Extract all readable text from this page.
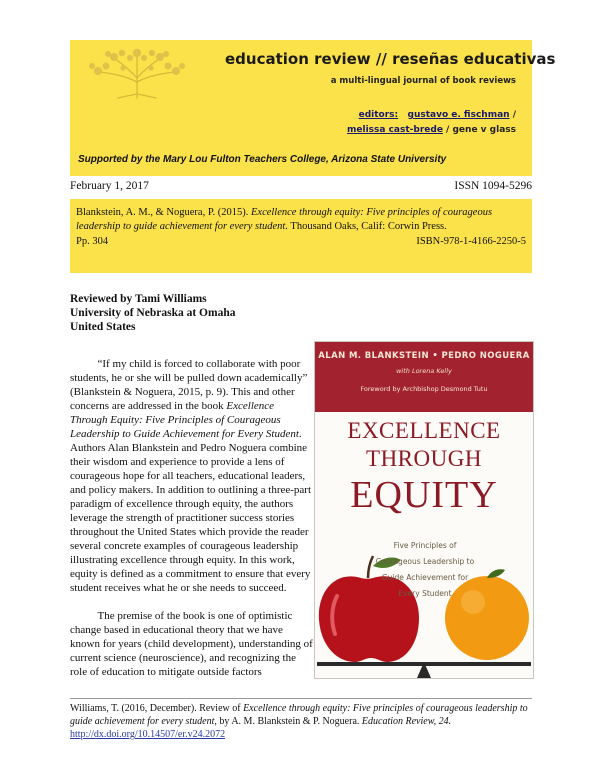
education review // reseñas educativas
a multi-lingual journal of book reviews
editors: gustavo e. fischman /
melissa cast-brede / gene v glass
Supported by the Mary Lou Fulton Teachers College, Arizona State University
February 1, 2017	ISSN 1094-5296
Blankstein, A. M., & Noguera, P. (2015). Excellence through equity: Five principles of courageous leadership to guide achievement for every student. Thousand Oaks, Calif: Corwin Press.
Pp. 304	ISBN-978-1-4166-2250-5
Reviewed by Tami Williams
University of Nebraska at Omaha
United States
“If my child is forced to collaborate with poor students, he or she will be pulled down academically” (Blankstein & Noguera, 2015, p. 9). This and other concerns are addressed in the book Excellence Through Equity: Five Principles of Courageous Leadership to Guide Achievement for Every Student. Authors Alan Blankstein and Pedro Noguera combine their wisdom and experience to provide a lens of courageous hope for all teachers, educational leaders, and policy makers. In addition to outlining a three-part paradigm of excellence through equity, the authors leverage the strength of practitioner success stories throughout the United States which provide the reader several concrete examples of courageous leadership illustrating excellence through equity. In this work, equity is defined as a commitment to ensure that every student receives what he or she needs to succeed.
The premise of the book is one of optimistic change based in educational theory that we have known for years (child development), understanding of current science (neuroscience), and recognizing the role of education to mitigate outside factors
ALAN M. BLANKSTEIN • PEDRO NOGUERA
with Lorena Kelly
Foreword by Archbishop Desmond Tutu
EXCELLENCE
THROUGH
EQUITY
Five Principles of Courageous Leadership to Guide Achievement for Every Student
Williams, T. (2016, December). Review of Excellence through equity: Five principles of courageous leadership to guide achievement for every student, by A. M. Blankstein & P. Noguera. Education Review, 24.
http://dx.doi.org/10.14507/er.v24.2072
